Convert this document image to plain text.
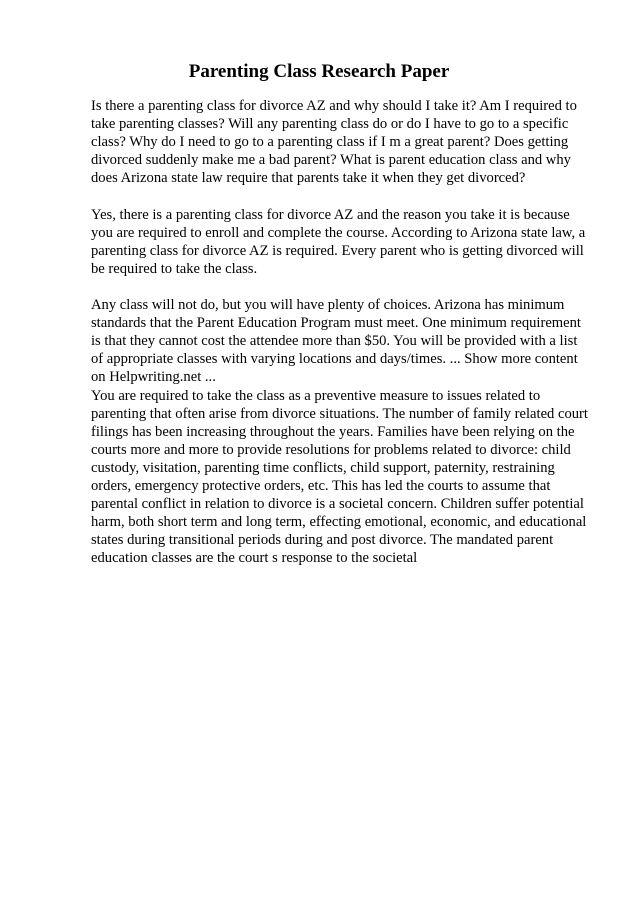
Parenting Class Research Paper
Is there a parenting class for divorce AZ and why should I take it? Am I required to
take parenting classes? Will any parenting class do or do I have to go to a specific
class? Why do I need to go to a parenting class if I m a great parent? Does getting
divorced suddenly make me a bad parent? What is parent education class and why
does Arizona state law require that parents take it when they get divorced?
Yes, there is a parenting class for divorce AZ and the reason you take it is because
you are required to enroll and complete the course. According to Arizona state law, a
parenting class for divorce AZ is required. Every parent who is getting divorced will
be required to take the class.
Any class will not do, but you will have plenty of choices. Arizona has minimum
standards that the Parent Education Program must meet. One minimum requirement
is that they cannot cost the attendee more than $50. You will be provided with a list
of appropriate classes with varying locations and days/times. ... Show more content
on Helpwriting.net ...
You are required to take the class as a preventive measure to issues related to
parenting that often arise from divorce situations. The number of family related court
filings has been increasing throughout the years. Families have been relying on the
courts more and more to provide resolutions for problems related to divorce: child
custody, visitation, parenting time conflicts, child support, paternity, restraining
orders, emergency protective orders, etc. This has led the courts to assume that
parental conflict in relation to divorce is a societal concern. Children suffer potential
harm, both short term and long term, effecting emotional, economic, and educational
states during transitional periods during and post divorce. The mandated parent
education classes are the court s response to the societal
